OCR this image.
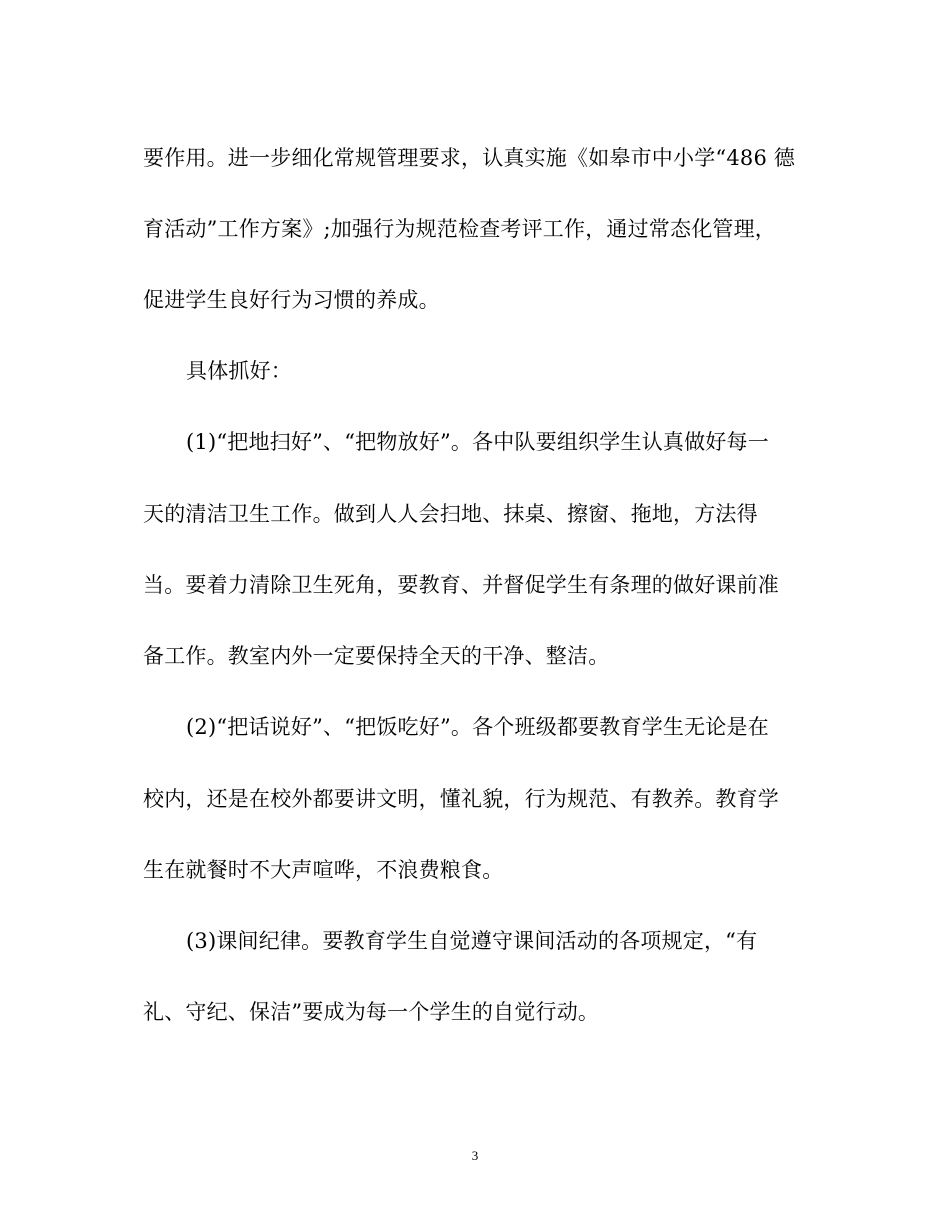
要作用。进一步细化常规管理要求，认真实施《如皋市中小学“486 德
育活动”工作方案》;加强行为规范检查考评工作，通过常态化管理，
促进学生良好行为习惯的养成。
具体抓好：
(1)“把地扫好”、“把物放好”。各中队要组织学生认真做好每一
天的清洁卫生工作。做到人人会扫地、抹桌、擦窗、拖地，方法得
当。要着力清除卫生死角，要教育、并督促学生有条理的做好课前准
备工作。教室内外一定要保持全天的干净、整洁。
(2)“把话说好”、“把饭吃好”。各个班级都要教育学生无论是在
校内，还是在校外都要讲文明，懂礼貌，行为规范、有教养。教育学
生在就餐时不大声喧哗，不浪费粮食。
(3)课间纪律。要教育学生自觉遵守课间活动的各项规定，“有
礼、守纪、保洁”要成为每一个学生的自觉行动。
3
